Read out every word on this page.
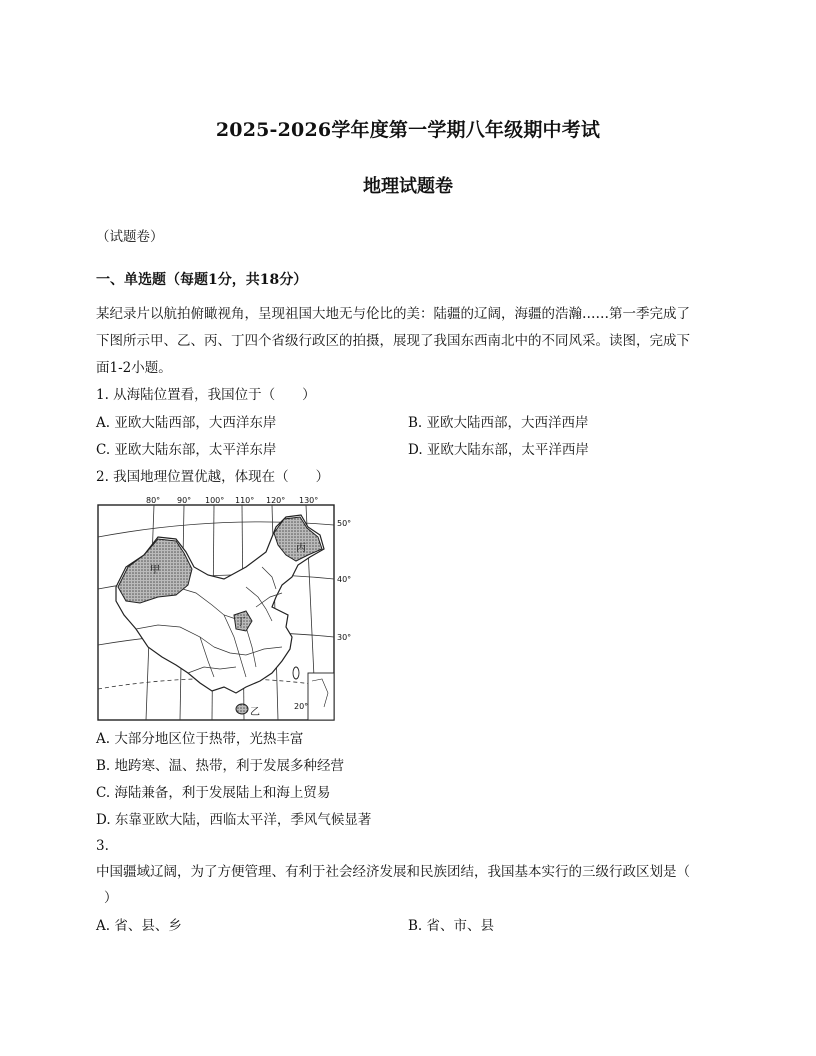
2025-2026学年度第一学期八年级期中考试
地理试题卷
（试题卷）
一、单选题（每题1分，共18分）
某纪录片以航拍俯瞰视角，呈现祖国大地无与伦比的美：陆疆的辽阔，海疆的浩瀚……第一季完成了
下图所示甲、乙、丙、丁四个省级行政区的拍摄，展现了我国东西南北中的不同风采。读图，完成下
面1-2小题。
1. 从海陆位置看，我国位于（　　）
A. 亚欧大陆西部，大西洋东岸	B. 亚欧大陆西部，大西洋西岸
C. 亚欧大陆东部，太平洋东岸	D. 亚欧大陆东部，太平洋西岸
2. 我国地理位置优越，体现在（　　）
80° 90° 100° 110° 120° 130°
50°
40°
30°
20°
甲
乙
丙
丁
A. 大部分地区位于热带，光热丰富
B. 地跨寒、温、热带，利于发展多种经营
C. 海陆兼备，利于发展陆上和海上贸易
D. 东靠亚欧大陆，西临太平洋，季风气候显著
3.
中国疆域辽阔，为了方便管理、有利于社会经济发展和民族团结，我国基本实行的三级行政区划是（
）
A. 省、县、乡	B. 省、市、县
